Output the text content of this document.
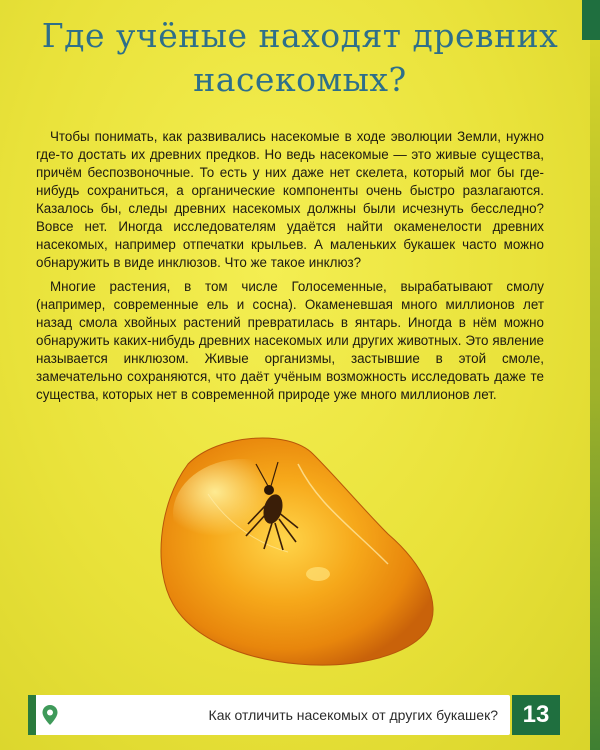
Где учёные находят древних насекомых?

Чтобы понимать, как развивались насекомые в ходе эволюции Земли, нужно где-то достать их древних предков. Но ведь насекомые — это живые существа, причём беспозвоночные. То есть у них даже нет скелета, который мог бы где-нибудь сохраниться, а органические компоненты очень быстро разлагаются. Казалось бы, следы древних насекомых должны были исчезнуть бесследно? Вовсе нет. Иногда исследователям удаётся найти окаменелости древних насекомых, например отпечатки крыльев. А маленьких букашек часто можно обнаружить в виде инклюзов. Что же такое инклюз?

Многие растения, в том числе Голосеменные, вырабатывают смолу (например, современные ель и сосна). Окаменевшая много миллионов лет назад смола хвойных растений превратилась в янтарь. Иногда в нём можно обнаружить каких-нибудь древних насекомых или других животных. Это явление называется инклюзом. Живые организмы, застывшие в этой смоле, замечательно сохраняются, что даёт учёным возможность исследовать даже те существа, которых нет в современной природе уже много миллионов лет.

Как отличить насекомых от других букашек?	13
